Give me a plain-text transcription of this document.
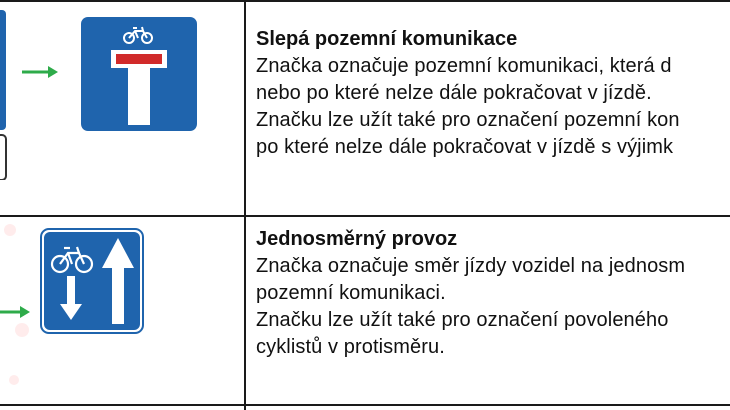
Slepá pozemní komunikace
Značka označuje pozemní komunikaci, která d
nebo po které nelze dále pokračovat v jízdě.
Značku lze užít také pro označení pozemní kon
po které nelze dále pokračovat v jízdě s výjimk
Jednosměrný provoz
Značka označuje směr jízdy vozidel na jednosm
pozemní komunikaci.
Značku lze užít také pro označení povoleného
cyklistů v protisměru.
